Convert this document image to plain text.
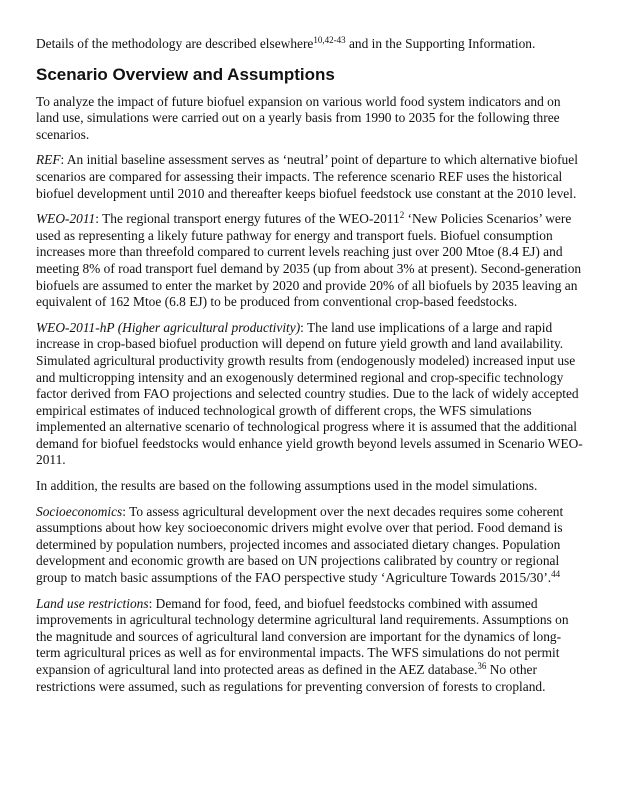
Details of the methodology are described elsewhere$^{10,42-43}$ and in the Supporting Information.

Scenario Overview and Assumptions

To analyze the impact of future biofuel expansion on various world food system indicators and on land use, simulations were carried out on a yearly basis from 1990 to 2035 for the following three scenarios.

REF: An initial baseline assessment serves as ‘neutral’ point of departure to which alternative biofuel scenarios are compared for assessing their impacts. The reference scenario REF uses the historical biofuel development until 2010 and thereafter keeps biofuel feedstock use constant at the 2010 level.

WEO-2011: The regional transport energy futures of the WEO-2011$^2$ ‘New Policies Scenarios’ were used as representing a likely future pathway for energy and transport fuels. Biofuel consumption increases more than threefold compared to current levels reaching just over 200 Mtoe (8.4 EJ) and meeting 8% of road transport fuel demand by 2035 (up from about 3% at present). Second-generation biofuels are assumed to enter the market by 2020 and provide 20% of all biofuels by 2035 leaving an equivalent of 162 Mtoe (6.8 EJ) to be produced from conventional crop-based feedstocks.

WEO-2011-hP (Higher agricultural productivity): The land use implications of a large and rapid increase in crop-based biofuel production will depend on future yield growth and land availability. Simulated agricultural productivity growth results from (endogenously modeled) increased input use and multicropping intensity and an exogenously determined regional and crop-specific technology factor derived from FAO projections and selected country studies. Due to the lack of widely accepted empirical estimates of induced technological growth of different crops, the WFS simulations implemented an alternative scenario of technological progress where it is assumed that the additional demand for biofuel feedstocks would enhance yield growth beyond levels assumed in Scenario WEO-2011.

In addition, the results are based on the following assumptions used in the model simulations.

Socioeconomics: To assess agricultural development over the next decades requires some coherent assumptions about how key socioeconomic drivers might evolve over that period. Food demand is determined by population numbers, projected incomes and associated dietary changes. Population development and economic growth are based on UN projections calibrated by country or regional group to match basic assumptions of the FAO perspective study ‘Agriculture Towards 2015/30’.$^{44}$

Land use restrictions: Demand for food, feed, and biofuel feedstocks combined with assumed improvements in agricultural technology determine agricultural land requirements. Assumptions on the magnitude and sources of agricultural land conversion are important for the dynamics of long-term agricultural prices as well as for environmental impacts. The WFS simulations do not permit expansion of agricultural land into protected areas as defined in the AEZ database.$^{36}$ No other restrictions were assumed, such as regulations for preventing conversion of forests to cropland.
